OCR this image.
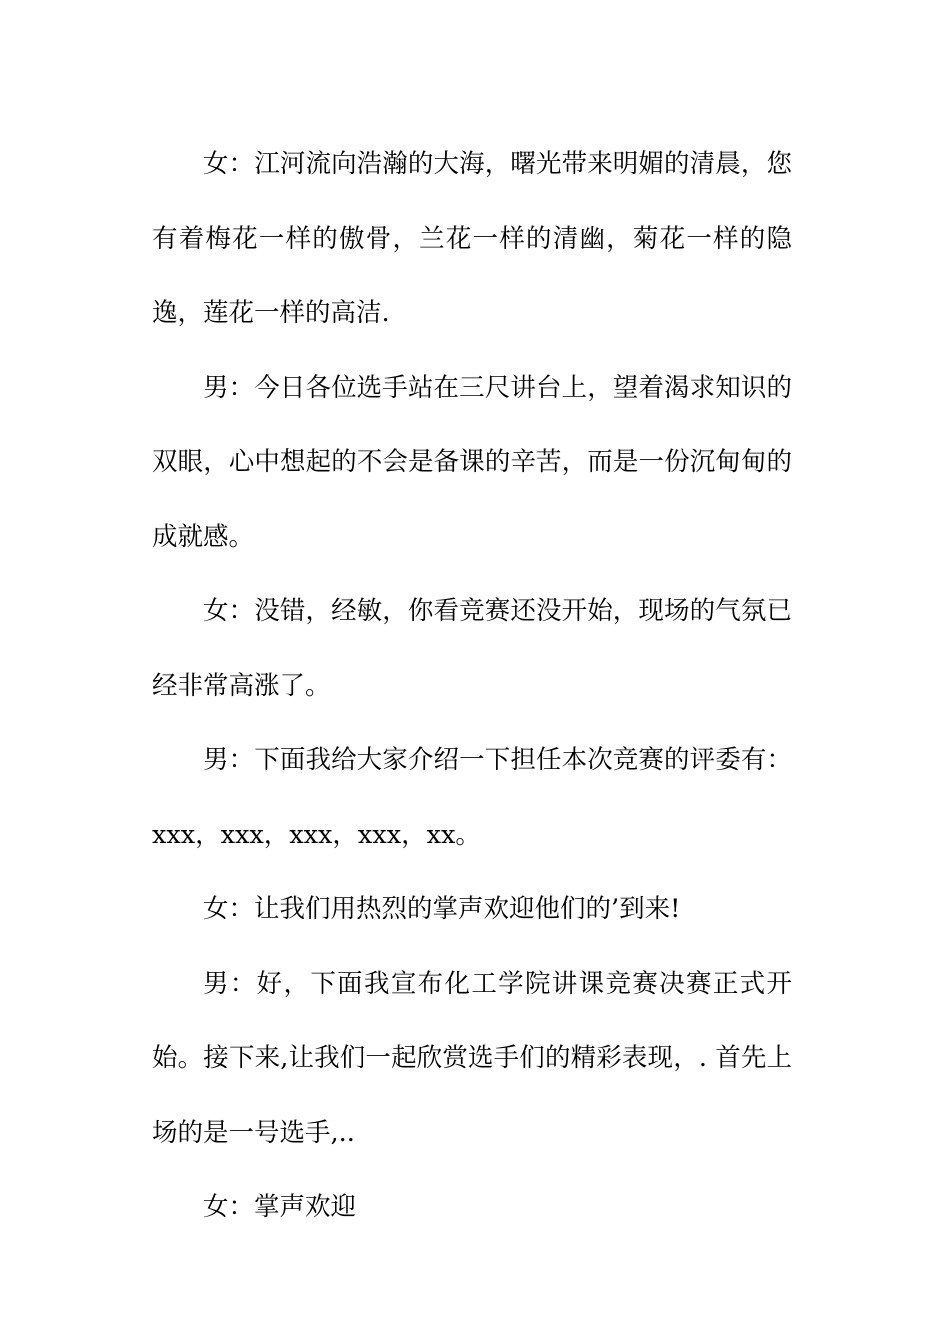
女：江河流向浩瀚的大海，曙光带来明媚的清晨，您有着梅花一样的傲骨，兰花一样的清幽，菊花一样的隐逸，莲花一样的高洁.

男：今日各位选手站在三尺讲台上，望着渴求知识的双眼，心中想起的不会是备课的辛苦，而是一份沉甸甸的成就感。

女：没错，经敏，你看竞赛还没开始，现场的气氛已经非常高涨了。

男：下面我给大家介绍一下担任本次竞赛的评委有：xxx，xxx，xxx，xxx，xx。

女：让我们用热烈的掌声欢迎他们的’到来!

男：好，下面我宣布化工学院讲课竞赛决赛正式开始。接下来,让我们一起欣赏选手们的精彩表现，. 首先上场的是一号选手,..

女：掌声欢迎
